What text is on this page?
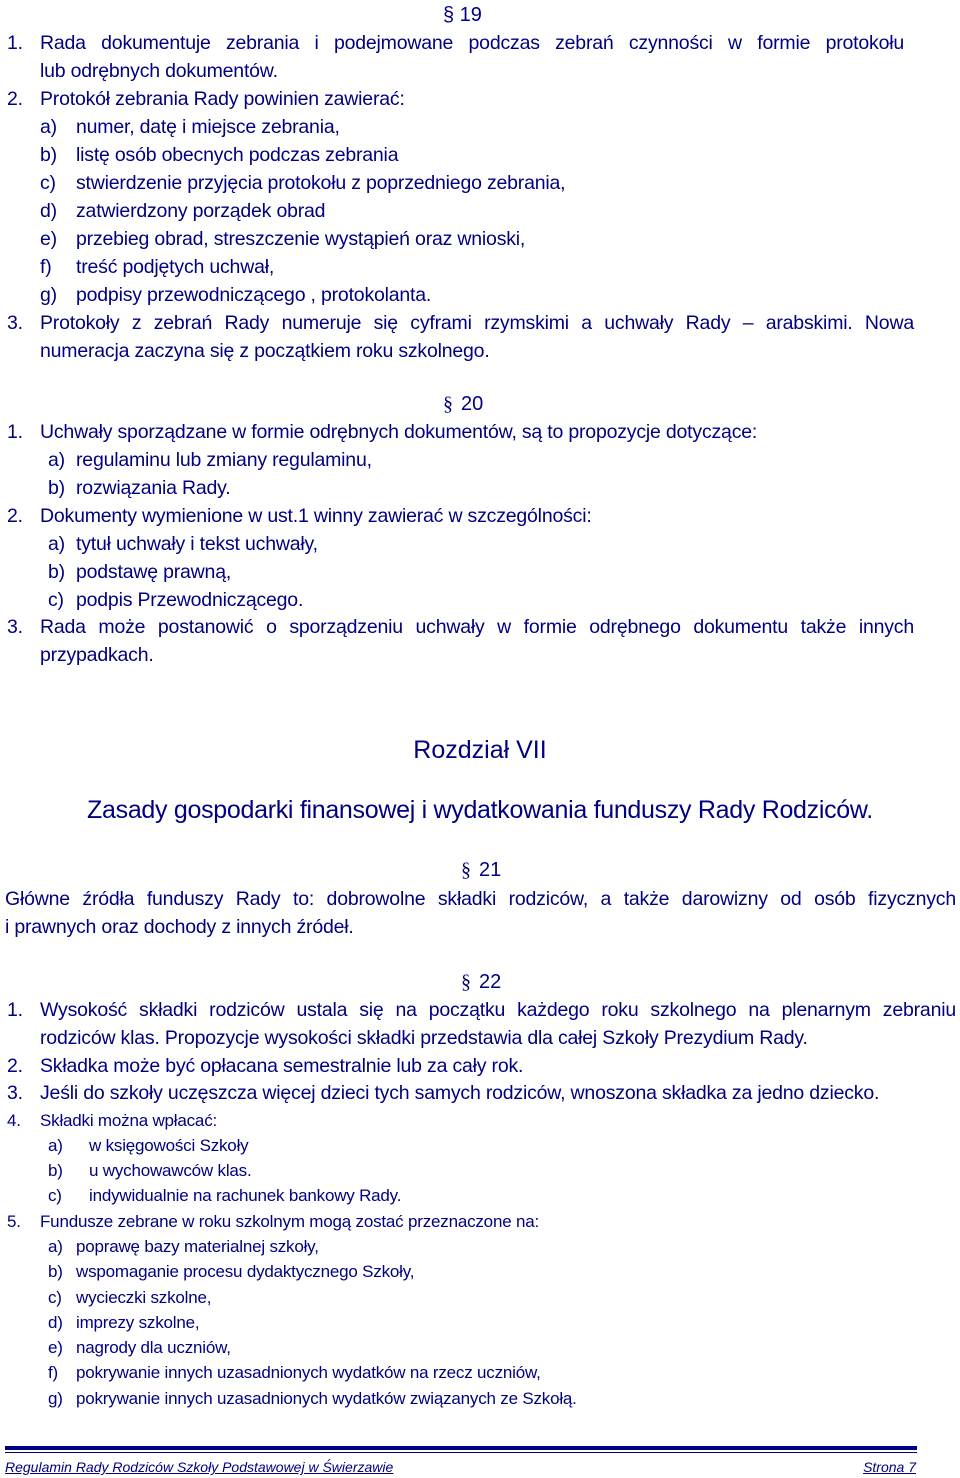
§ 19
1. Rada dokumentuje zebrania i podejmowane podczas zebrań czynności w formie protokołu
lub odrębnych dokumentów.
2. Protokół zebrania Rady powinien zawierać:
a) numer, datę i miejsce zebrania,
b) listę osób obecnych podczas zebrania
c) stwierdzenie przyjęcia protokołu z poprzedniego zebrania,
d) zatwierdzony porządek obrad
e) przebieg obrad, streszczenie wystąpień oraz wnioski,
f) treść podjętych uchwał,
g) podpisy przewodniczącego , protokolanta.
3. Protokoły z zebrań Rady numeruje się cyframi rzymskimi a uchwały Rady – arabskimi. Nowa
numeracja zaczyna się z początkiem roku szkolnego.
§ 20
1. Uchwały sporządzane w formie odrębnych dokumentów, są to propozycje dotyczące:
a) regulaminu lub zmiany regulaminu,
b) rozwiązania Rady.
2. Dokumenty wymienione w ust.1 winny zawierać w szczególności:
a) tytuł uchwały i tekst uchwały,
b) podstawę prawną,
c) podpis Przewodniczącego.
3. Rada może postanowić o sporządzeniu uchwały w formie odrębnego dokumentu także innych
przypadkach.
Rozdział VII
Zasady gospodarki finansowej i wydatkowania funduszy Rady Rodziców.
§ 21
Główne źródła funduszy Rady to: dobrowolne składki rodziców, a także darowizny od osób fizycznych
i prawnych oraz dochody z innych źródeł.
§ 22
1. Wysokość składki rodziców ustala się na początku każdego roku szkolnego na plenarnym zebraniu
rodziców klas. Propozycje wysokości składki przedstawia dla całej Szkoły Prezydium Rady.
2. Składka może być opłacana semestralnie lub za cały rok.
3. Jeśli do szkoły uczęszcza więcej dzieci tych samych rodziców, wnoszona składka za jedno dziecko.
4. Składki można wpłacać:
a) w księgowości Szkoły
b) u wychowawców klas.
c) indywidualnie na rachunek bankowy Rady.
5. Fundusze zebrane w roku szkolnym mogą zostać przeznaczone na:
a) poprawę bazy materialnej szkoły,
b) wspomaganie procesu dydaktycznego Szkoły,
c) wycieczki szkolne,
d) imprezy szkolne,
e) nagrody dla uczniów,
f) pokrywanie innych uzasadnionych wydatków na rzecz uczniów,
g) pokrywanie innych uzasadnionych wydatków związanych ze Szkołą.
Regulamin Rady Rodziców Szkoły Podstawowej w Świerzawie	Strona 7
